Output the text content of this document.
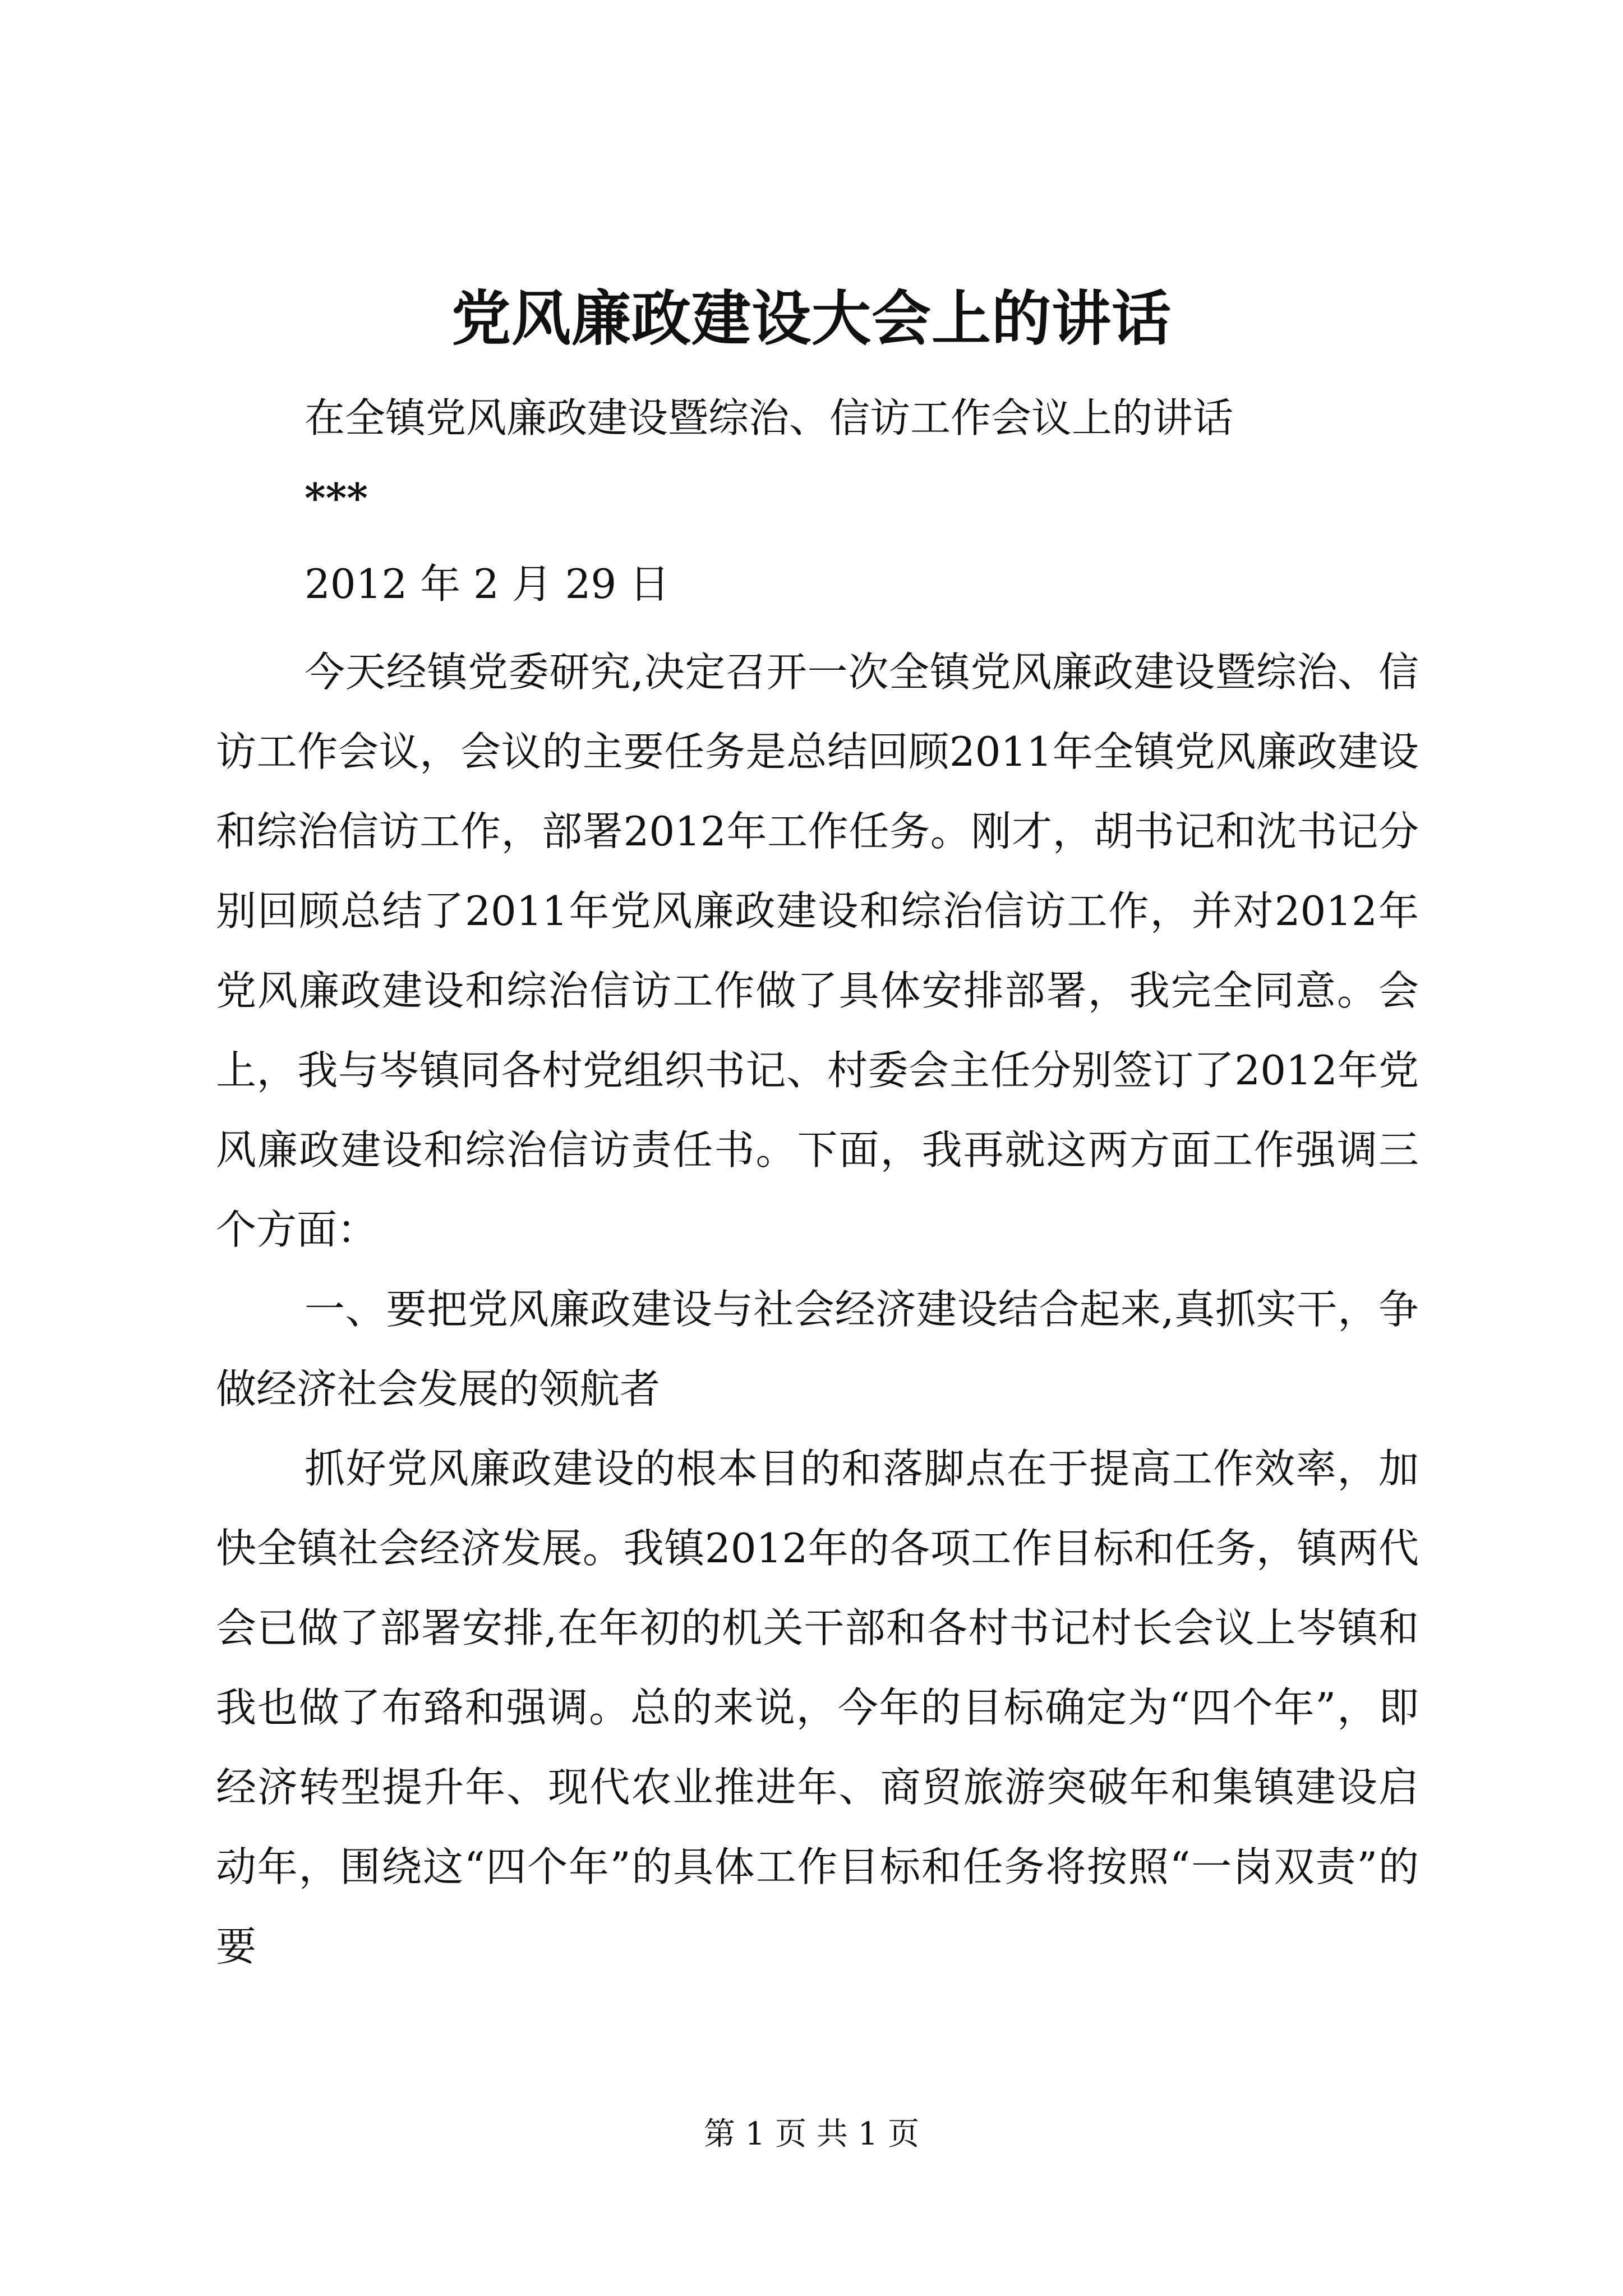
党风廉政建设大会上的讲话
在全镇党风廉政建设暨综治、信访工作会议上的讲话
***
2012 年 2 月 29 日

今天经镇党委研究,决定召开一次全镇党风廉政建设暨综治、信访工作会议，会议的主要任务是总结回顾2011年全镇党风廉政建设和综治信访工作，部署2012年工作任务。刚才，胡书记和沈书记分别回顾总结了2011年党风廉政建设和综治信访工作，并对2012年党风廉政建设和综治信访工作做了具体安排部署，我完全同意。会上，我与岑镇同各村党组织书记、村委会主任分别签订了2012年党风廉政建设和综治信访责任书。下面，我再就这两方面工作强调三个方面：

一、要把党风廉政建设与社会经济建设结合起来,真抓实干，争做经济社会发展的领航者

抓好党风廉政建设的根本目的和落脚点在于提高工作效率，加快全镇社会经济发展。我镇2012年的各项工作目标和任务，镇两代会已做了部署安排,在年初的机关干部和各村书记村长会议上岑镇和我也做了布臵和强调。总的来说，今年的目标确定为“四个年”，即经济转型提升年、现代农业推进年、商贸旅游突破年和集镇建设启动年，围绕这“四个年”的具体工作目标和任务将按照“一岗双责”的要

第 1 页 共 1 页
